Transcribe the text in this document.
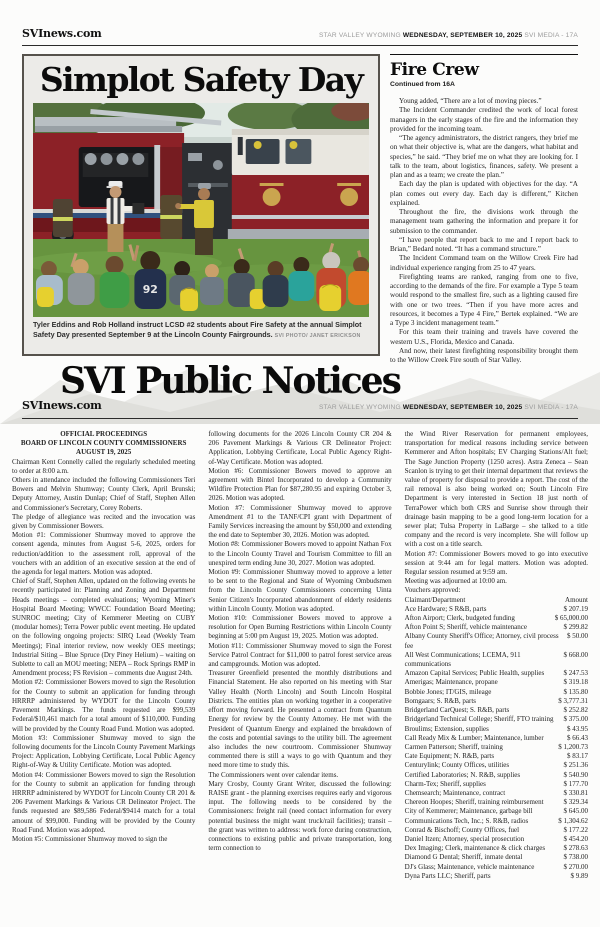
SVInews.com	STAR VALLEY WYOMING WEDNESDAY, SEPTEMBER 10, 2025 SVI MEDIA - 17A
Simplot Safety Day
92
Tyler Eddins and Rob Holland instruct LCSD #2 students about Fire Safety at the annual Simplot Safety Day presented September 9 at the Lincoln County Fairgrounds. SVI PHOTO/ JANET ERICKSON
Fire Crew
Continued from 16A

Young added, “There are a lot of moving pieces.”

The Incident Commander credited the work of local forest managers in the early stages of the fire and the information they provided for the incoming team.

“The agency administrators, the district rangers, they brief me on what their objective is, what are the dangers, what habitat and species,” he said. “They brief me on what they are looking for. I talk to the team, about logistics, finances, safety. We present a plan and as a team; we create the plan.”

Each day the plan is updated with objectives for the day. “A plan comes out every day. Each day is different,” Kitchen explained.

Throughout the fire, the divisions work through the management team gathering the information and prepare it for submission to the commander.

“I have people that report back to me and I report back to Brian,” Bedard noted. “It has a command structure.”

The Incident Command team on the Willow Creek Fire had individual experience ranging from 25 to 47 years.

Firefighting teams are ranked, ranging from one to five, according to the demands of the fire. For example a Type 5 team would respond to the smallest fire, such as a lighting caused fire with one or two trees. “Then if you have more acres and resources, it becomes a Type 4 Fire,” Bertek explained. “We are a Type 3 incident management team.”

For this team their training and travels have covered the western U.S., Florida, Mexico and Canada.

And now, their latest firefighting responsibility brought them to the Willow Creek Fire south of Star Valley.

SVI Public Notices
SVInews.com	STAR VALLEY WYOMING WEDNESDAY, SEPTEMBER 10, 2025 SVI MEDIA - 17A
OFFICIAL PROCEEDINGS
BOARD OF LINCOLN COUNTY COMMISSIONERS
AUGUST 19, 2025

Chairman Kent Connelly called the regularly scheduled meeting to order at 8:00 a.m.

Others in attendance included the following Commissioners Teri Bowers and Melvin Shumway; County Clerk, April Brunski; Deputy Attorney, Austin Dunlap; Chief of Staff, Stephen Allen and Commissioner's Secretary, Corey Roberts.

The pledge of allegiance was recited and the invocation was given by Commissioner Bowers.

Motion #1: Commissioner Shumway moved to approve the consent agenda, minutes from August 5-6, 2025, orders for reduction/addition to the assessment roll, approval of the vouchers with an addition of an executive session at the end of the agenda for legal matters. Motion was adopted.

Chief of Staff, Stephen Allen, updated on the following events he recently participated in: Planning and Zoning and Department Heads meetings – completed evaluations; Wyoming Miner's Hospital Board Meeting; WWCC Foundation Board Meeting; SUNROC meeting; City of Kemmerer Meeting on CUBY (modular homes); Terra Power public event meeting. He updated on the following ongoing projects: SIRQ Lead (Weekly Team Meetings); Final interior review, now weekly OES meetings; Industrial Siting – Blue Spruce (Dry Piney Helium) – waiting on Sublette to call an MOU meeting; NEPA – Rock Springs RMP in Amendment process; FS Revision – comments due August 24th.

Motion #2: Commissioner Bowers moved to sign the Resolution for the County to submit an application for funding through HRRRP administered by WYDOT for the Lincoln County Pavement Markings. The funds requested are $99,539 Federal/$10,461 match for a total amount of $110,000. Funding will be provided by the County Road Fund. Motion was adopted.

Motion #3: Commissioner Shumway moved to sign the following documents for the Lincoln County Pavement Markings Project: Application, Lobbying Certificate, Local Public Agency Right-of-Way & Utility Certificate. Motion was adopted.

Motion #4: Commissioner Bowers moved to sign the Resolution for the County to submit an application for funding through HRRRP administered by WYDOT for Lincoln County CR 201 & 206 Pavement Markings & Various CR Delineator Project. The funds requested are $89,586 Federal/$9414 match for a total amount of $99,000. Funding will be provided by the County Road Fund. Motion was adopted.

Motion #5: Commissioner Shumway moved to sign the

following documents for the 2026 Lincoln County CR 204 & 206 Pavement Markings & Various CR Delineator Project: Application, Lobbying Certificate, Local Public Agency Right-of-Way Certificate. Motion was adopted.

Motion #6: Commissioner Bowers moved to approve an agreement with Bintel Incorporated to develop a Community Wildfire Protection Plan for $87,280.95 and expiring October 3, 2026. Motion was adopted.

Motion #7: Commissioner Shumway moved to approve Amendment #1 to the TANF/CPI grant with Department of Family Services increasing the amount by $50,000 and extending the end date to September 30, 2026. Motion was adopted.

Motion #8: Commissioner Bowers moved to appoint Nathan Fox to the Lincoln County Travel and Tourism Committee to fill an unexpired term ending June 30, 2027. Motion was adopted.

Motion #9: Commissioner Shumway moved to approve a letter to be sent to the Regional and State of Wyoming Ombudsmen from the Lincoln County Commissioners concerning Uinta Senior Citizen's Incorporated abandonment of elderly residents within Lincoln County. Motion was adopted.

Motion #10: Commissioner Bowers moved to approve a resolution for Open Burning Restrictions within Lincoln County beginning at 5:00 pm August 19, 2025. Motion was adopted.

Motion #11: Commissioner Shumway moved to sign the Forest Service Patrol Contract for $11,000 to patrol forest service areas and campgrounds. Motion was adopted.

Treasurer Greenfield presented the monthly distributions and Financial Statement. He also reported on his meeting with Star Valley Health (North Lincoln) and South Lincoln Hospital Districts. The entities plan on working together in a cooperative effort moving forward. He presented a contract from Quantum Energy for review by the County Attorney. He met with the President of Quantum Energy and explained the breakdown of the costs and potential savings to the utility bill. The agreement also includes the new courtroom. Commissioner Shumway commented there is still a ways to go with Quantum and they need more time to study this.

The Commissioners went over calendar items.

Mary Crosby, County Grant Writer, discussed the following: RAISE grant - the planning exercises requires early and vigorous input. The following needs to be considered by the Commissioners: freight rail (need contact information for every potential business the might want truck/rail facilities); transit – the grant was written to address: work force during construction, connections to existing public and private transportation, long term connection to

the Wind River Reservation for permanent employees, transportation for medical reasons including service between Kemmerer and Afton hospitals; EV Charging Stations/Alt fuel; The Sage Junction Property (1250 acres). Astra Zeneca – Sean Scanlon is trying to get their internal department that reviews the value of property for disposal to provide a report. The cost of the rail removal is also being worked on; South Lincoln Fire Department is very interested in Section 18 just north of TerraPower which both CRS and Sunrise show through their drainage basin mapping to be a good long-term location for a sewer plat; Tulsa Property in LaBarge – she talked to a title company and the record is very incomplete. She will follow up with a cost on a title search.

Motion #7: Commissioner Bowers moved to go into executive session at 9:44 am for legal matters. Motion was adopted. Regular session resumed at 9:59 am.

Meeting was adjourned at 10:00 am.

Vouchers approved:

Claimant/Department	Amount
Ace Hardware; S R&B, parts	$ 207.19
Afton Airport; Clerk, budgeted funding	$ 65,000.00
Afton Point S; Sheriff, vehicle maintenance	$ 299.82
Albany County Sheriff's Office; Attorney, civil process fee
$ 50.00
All West Communications; LCEMA, 911 communications
$ 668.00
Amazon Capital Services; Public Health, supplies	$ 247.53
Amerigas; Maintenance, propane	$ 319.18
Bobbie Jones; IT/GIS, mileage	$ 135.80
Bomgaars; S. R&B, parts	$ 3,777.31
Bridgerland CarQuest; S. R&B, parts	$ 252.82
Bridgerland Technical College; Sheriff, FTO training	$ 375.00
Broulims; Extension, supplies	$ 43.95
Call Ready Mix & Lumber; Maintenance, lumber	$ 66.43
Carmen Patterson; Sheriff, training	$ 1,200.73
Cate Equipment; N. R&B, parts	$ 83.17
Centurylink; County Offices, utilities	$ 251.36
Certified Laboratories; N. R&B, supplies	$ 540.90
Charm-Tex; Sheriff, supplies	$ 177.70
Chemsearch; Maintenance, contract	$ 330.81
Chereon Hoopes; Sheriff, training reimbursement	$ 329.34
City of Kemmerer; Maintenance, garbage bill	$ 645.00
Communications Tech, Inc.; S. R&B, radios	$ 1,304.62
Conrad & Bischoff; County Offices, fuel	$ 177.22
Daniel Itzen; Attorney, special prosecution	$ 454.20
Dex Imaging; Clerk, maintenance & click charges	$ 278.63
Diamond G Dental; Sheriff, inmate dental	$ 738.00
DJ's Glass; Maintenance, vehicle maintenance	$ 270.00
Dyna Parts LLC; Sheriff, parts	$ 9.89
